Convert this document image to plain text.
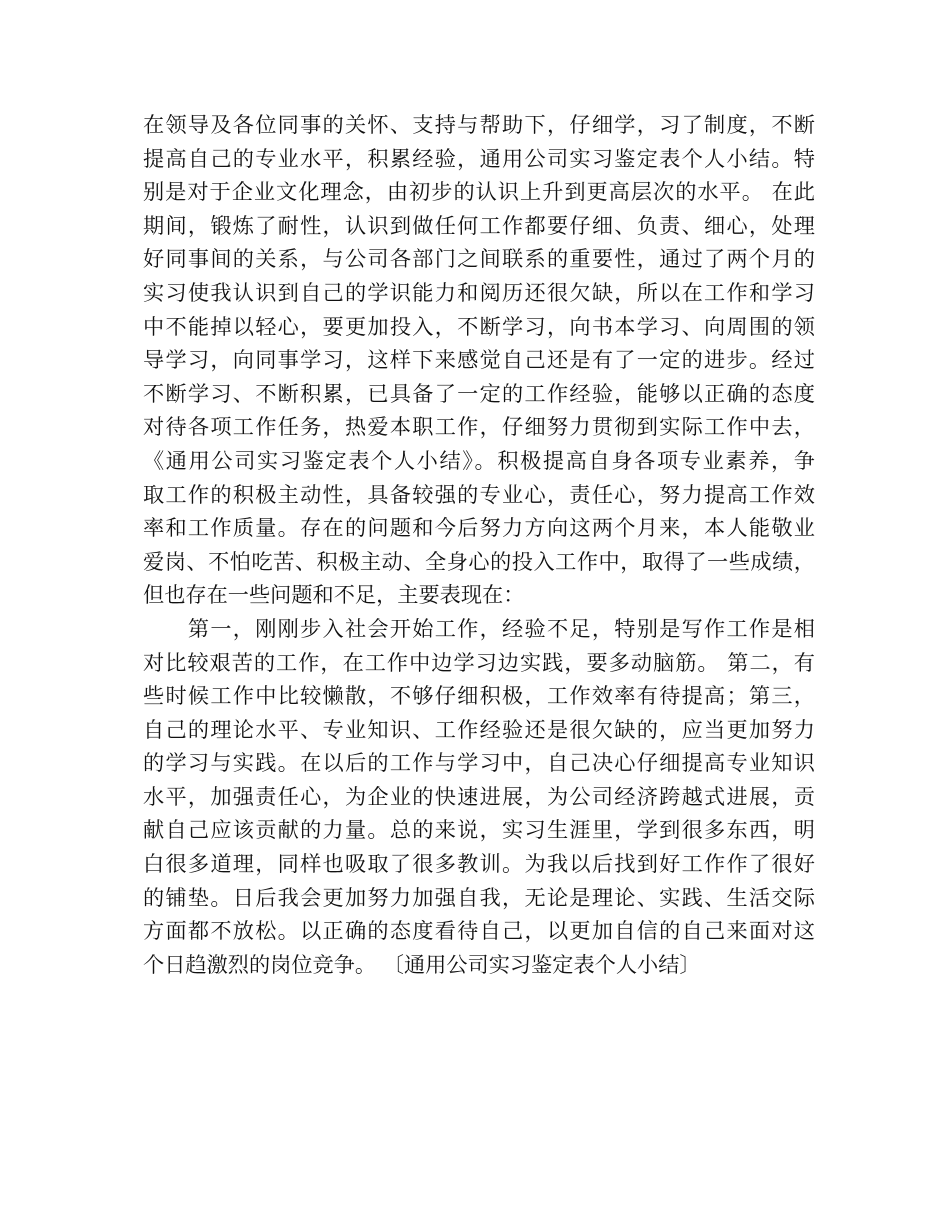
在领导及各位同事的关怀、支持与帮助下，仔细学，习了制度，不断
提高自己的专业水平，积累经验，通用公司实习鉴定表个人小结。特
别是对于企业文化理念，由初步的认识上升到更高层次的水平。 在此
期间，锻炼了耐性，认识到做任何工作都要仔细、负责、细心，处理
好同事间的关系，与公司各部门之间联系的重要性，通过了两个月的
实习使我认识到自己的学识能力和阅历还很欠缺，所以在工作和学习
中不能掉以轻心，要更加投入，不断学习，向书本学习、向周围的领
导学习，向同事学习，这样下来感觉自己还是有了一定的进步。经过
不断学习、不断积累，已具备了一定的工作经验，能够以正确的态度
对待各项工作任务，热爱本职工作，仔细努力贯彻到实际工作中去，
《通用公司实习鉴定表个人小结》。积极提高自身各项专业素养，争
取工作的积极主动性，具备较强的专业心，责任心，努力提高工作效
率和工作质量。存在的问题和今后努力方向这两个月来，本人能敬业
爱岗、不怕吃苦、积极主动、全身心的投入工作中，取得了一些成绩，
但也存在一些问题和不足，主要表现在：
　　第一，刚刚步入社会开始工作，经验不足，特别是写作工作是相
对比较艰苦的工作，在工作中边学习边实践，要多动脑筋。 第二，有
些时候工作中比较懒散，不够仔细积极，工作效率有待提高；第三，
自己的理论水平、专业知识、工作经验还是很欠缺的，应当更加努力
的学习与实践。在以后的工作与学习中，自己决心仔细提高专业知识
水平，加强责任心，为企业的快速进展，为公司经济跨越式进展，贡
献自己应该贡献的力量。总的来说，实习生涯里，学到很多东西，明
白很多道理，同样也吸取了很多教训。为我以后找到好工作作了很好
的铺垫。日后我会更加努力加强自我，无论是理论、实践、生活交际
方面都不放松。以正确的态度看待自己，以更加自信的自己来面对这
个日趋激烈的岗位竞争。 〔通用公司实习鉴定表个人小结〕
